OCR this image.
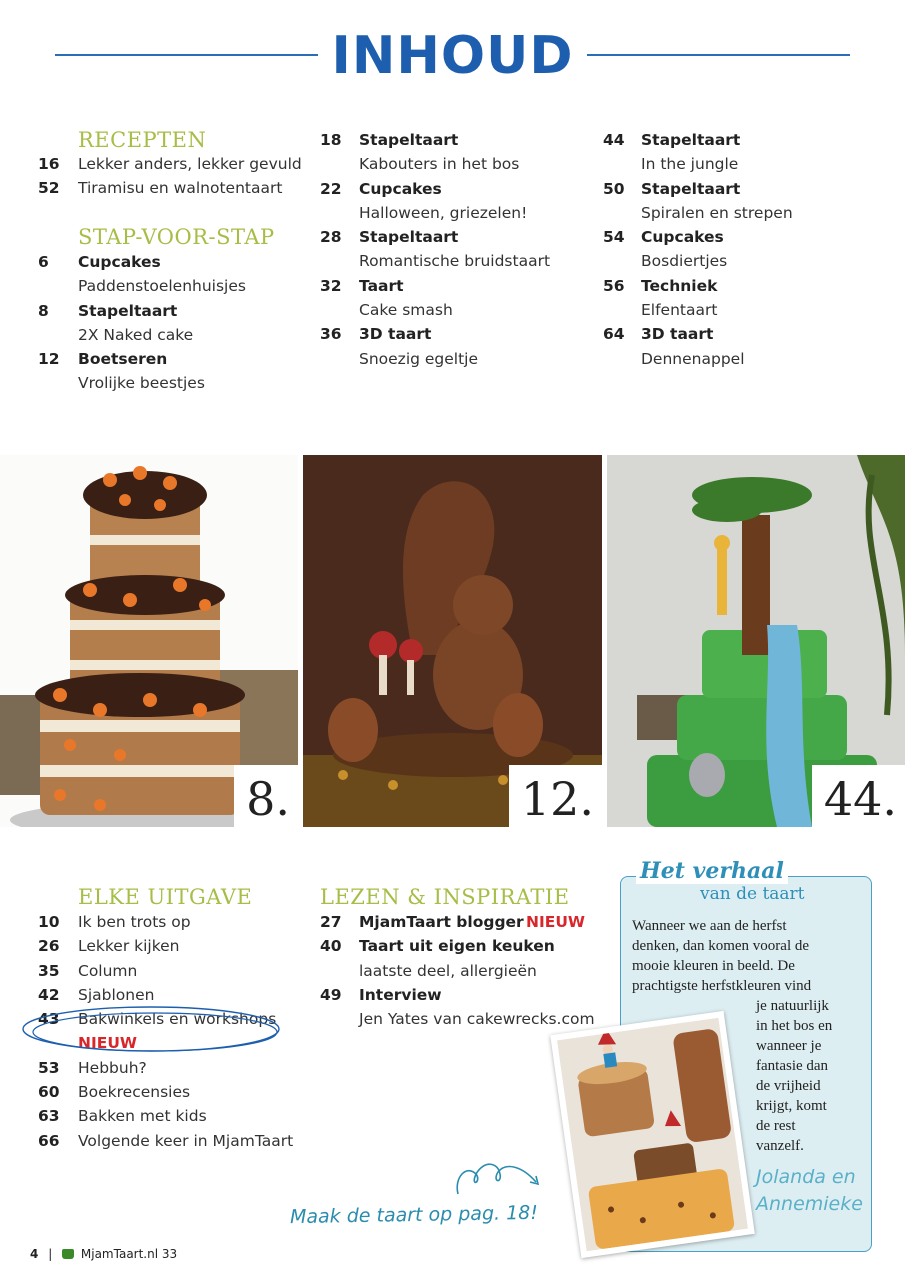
INHOUD
RECEPTEN
16 Lekker anders, lekker gevuld
52 Tiramisu en walnotentaart
STAP-VOOR-STAP
6 Cupcakes
Paddenstoelenhuisjes
8 Stapeltaart
2X Naked cake
12 Boetseren
Vrolijke beestjes
18 Stapeltaart
Kabouters in het bos
22 Cupcakes
Halloween, griezelen!
28 Stapeltaart
Romantische bruidstaart
32 Taart
Cake smash
36 3D taart
Snoezig egeltje
44 Stapeltaart
In the jungle
50 Stapeltaart
Spiralen en strepen
54 Cupcakes
Bosdiertjes
56 Techniek
Elfentaart
64 3D taart
Dennenappel
8.	12.	44.
ELKE UITGAVE
10 Ik ben trots op
26 Lekker kijken
35 Column
42 Sjablonen
43 Bakwinkels en workshops
NIEUW
53 Hebbuh?
60 Boekrecensies
63 Bakken met kids
66 Volgende keer in MjamTaart
LEZEN & INSPIRATIE
27 MjamTaart blogger NIEUW
40 Taart uit eigen keuken
laatste deel, allergieën
49 Interview
Jen Yates van cakewrecks.com
Het verhaal
van de taart
Wanneer we aan de herfst
denken, dan komen vooral de
mooie kleuren in beeld. De
prachtigste herfstkleuren vind
je natuurlijk
in het bos en
wanneer je
fantasie dan
de vrijheid
krijgt, komt
de rest
vanzelf.
Jolanda en
Annemieke
Maak de taart op pag. 18!
4 | MjamTaart.nl 33
